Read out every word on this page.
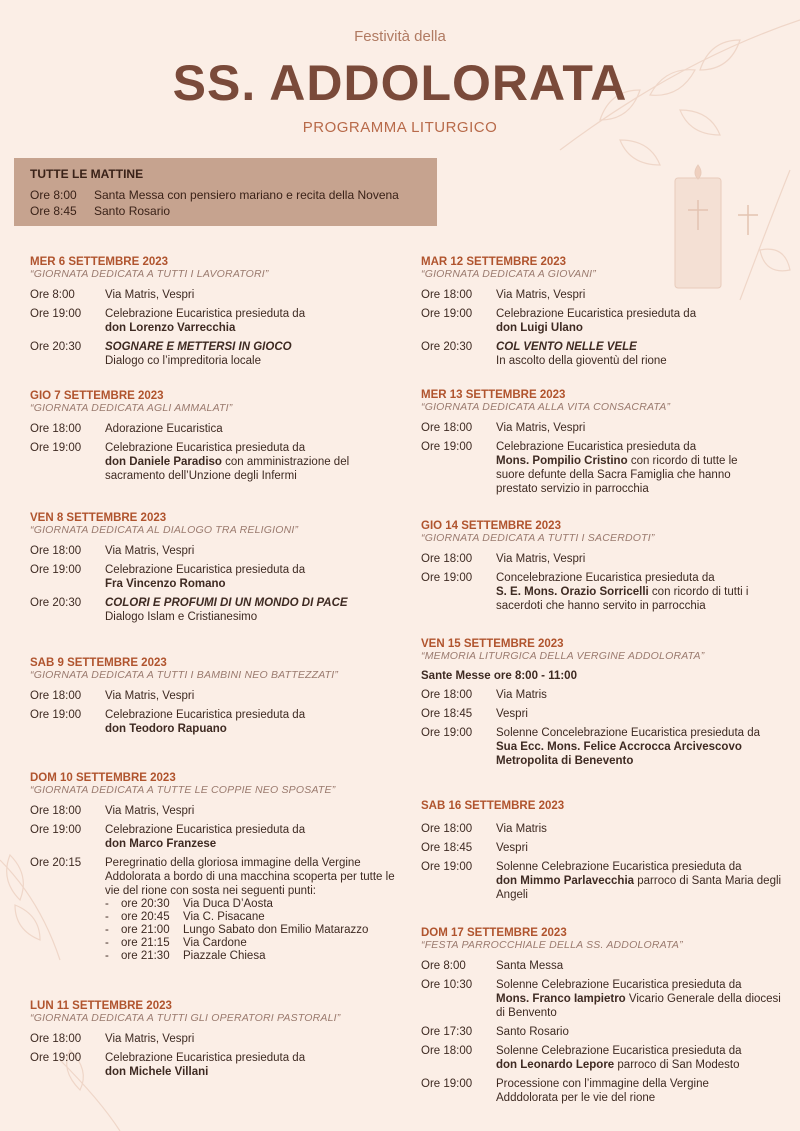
Festività della
SS. ADDOLORATA
PROGRAMMA LITURGICO
TUTTE LE MATTINE
Ore 8:00	Santa Messa con pensiero mariano e recita della Novena
Ore 8:45	Santo Rosario
MER 6 SETTEMBRE 2023
“GIORNATA DEDICATA A TUTTI I LAVORATORI”
Ore 8:00	Via Matris, Vespri
Ore 19:00	Celebrazione Eucaristica presieduta da
don Lorenzo Varrecchia
Ore 20:30	SOGNARE E METTERSI IN GIOCO
Dialogo co l’impreditoria locale
GIO 7 SETTEMBRE 2023
“GIORNATA DEDICATA AGLI AMMALATI”
Ore 18:00	Adorazione Eucaristica
Ore 19:00	Celebrazione Eucaristica presieduta da
don Daniele Paradiso con amministrazione del sacramento dell’Unzione degli Infermi
VEN 8 SETTEMBRE 2023
“GIORNATA DEDICATA AL DIALOGO TRA RELIGIONI”
Ore 18:00	Via Matris, Vespri
Ore 19:00	Celebrazione Eucaristica presieduta da
Fra Vincenzo Romano
Ore 20:30	COLORI E PROFUMI DI UN MONDO DI PACE
Dialogo Islam e Cristianesimo
SAB 9 SETTEMBRE 2023
“GIORNATA DEDICATA A TUTTI I BAMBINI NEO BATTEZZATI”
Ore 18:00	Via Matris, Vespri
Ore 19:00	Celebrazione Eucaristica presieduta da
don Teodoro Rapuano
DOM 10 SETTEMBRE 2023
“GIORNATA DEDICATA A TUTTE LE COPPIE NEO SPOSATE”
Ore 18:00	Via Matris, Vespri
Ore 19:00	Celebrazione Eucaristica presieduta da
don Marco Franzese
Ore 20:15	Peregrinatio della gloriosa immagine della Vergine Addolorata a bordo di una macchina scoperta per tutte le vie del rione con sosta nei seguenti punti:
-	ore 20:30	Via Duca D’Aosta
-	ore 20:45	Via C. Pisacane
-	ore 21:00	Lungo Sabato don Emilio Matarazzo
-	ore 21:15	Via Cardone
-	ore 21:30	Piazzale Chiesa
LUN 11 SETTEMBRE 2023
“GIORNATA DEDICATA A TUTTI GLI OPERATORI PASTORALI”
Ore 18:00	Via Matris, Vespri
Ore 19:00	Celebrazione Eucaristica presieduta da
don Michele Villani
MAR 12 SETTEMBRE 2023
“GIORNATA DEDICATA A GIOVANI”
Ore 18:00	Via Matris, Vespri
Ore 19:00	Celebrazione Eucaristica presieduta da
don Luigi Ulano
Ore 20:30	COL VENTO NELLE VELE
In ascolto della gioventù del rione
MER 13 SETTEMBRE 2023
“GIORNATA DEDICATA ALLA VITA CONSACRATA”
Ore 18:00	Via Matris, Vespri
Ore 19:00	Celebrazione Eucaristica presieduta da
Mons. Pompilio Cristino con ricordo di tutte le suore defunte della Sacra Famiglia che hanno prestato servizio in parrocchia
GIO 14 SETTEMBRE 2023
“GIORNATA DEDICATA A TUTTI I SACERDOTI”
Ore 18:00	Via Matris, Vespri
Ore 19:00	Concelebrazione Eucaristica presieduta da
S. E. Mons. Orazio Sorricelli con ricordo di tutti i sacerdoti che hanno servito in parrocchia
VEN 15 SETTEMBRE 2023
“MEMORIA LITURGICA DELLA VERGINE ADDOLORATA”
Sante Messe ore 8:00 - 11:00
Ore 18:00	Via Matris
Ore 18:45	Vespri
Ore 19:00	Solenne Concelebrazione Eucaristica presieduta da
Sua Ecc. Mons. Felice Accrocca Arcivescovo Metropolita di Benevento
SAB 16 SETTEMBRE 2023
Ore 18:00	Via Matris
Ore 18:45	Vespri
Ore 19:00	Solenne Celebrazione Eucaristica presieduta da
don Mimmo Parlavecchia parroco di Santa Maria degli Angeli
DOM 17 SETTEMBRE 2023
“FESTA PARROCCHIALE DELLA SS. ADDOLORATA”
Ore 8:00	Santa Messa
Ore 10:30	Solenne Celebrazione Eucaristica presieduta da
Mons. Franco Iampietro Vicario Generale della diocesi di Benvento
Ore 17:30	Santo Rosario
Ore 18:00	Solenne Celebrazione Eucaristica presieduta da
don Leonardo Lepore parroco di San Modesto
Ore 19:00	Processione con l’immagine della Vergine Adddolorata per le vie del rione
